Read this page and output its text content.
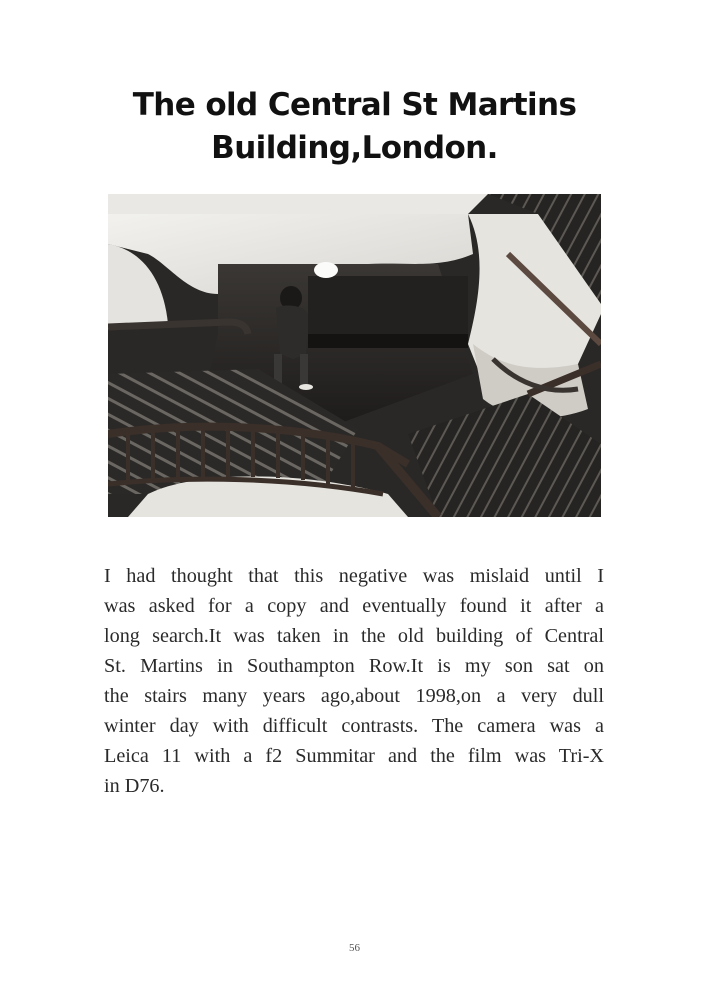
The old Central St Martins
Building,London.
I had thought that this negative was mislaid until I
was asked for a copy and eventually found it after a
long search.It was taken in the old building of Central
St. Martins in Southampton Row.It is my son sat on
the stairs many years ago,about 1998,on a very dull
winter day with difficult contrasts. The camera was a
Leica 11 with a f2 Summitar and the film was Tri-X
in D76.
56
